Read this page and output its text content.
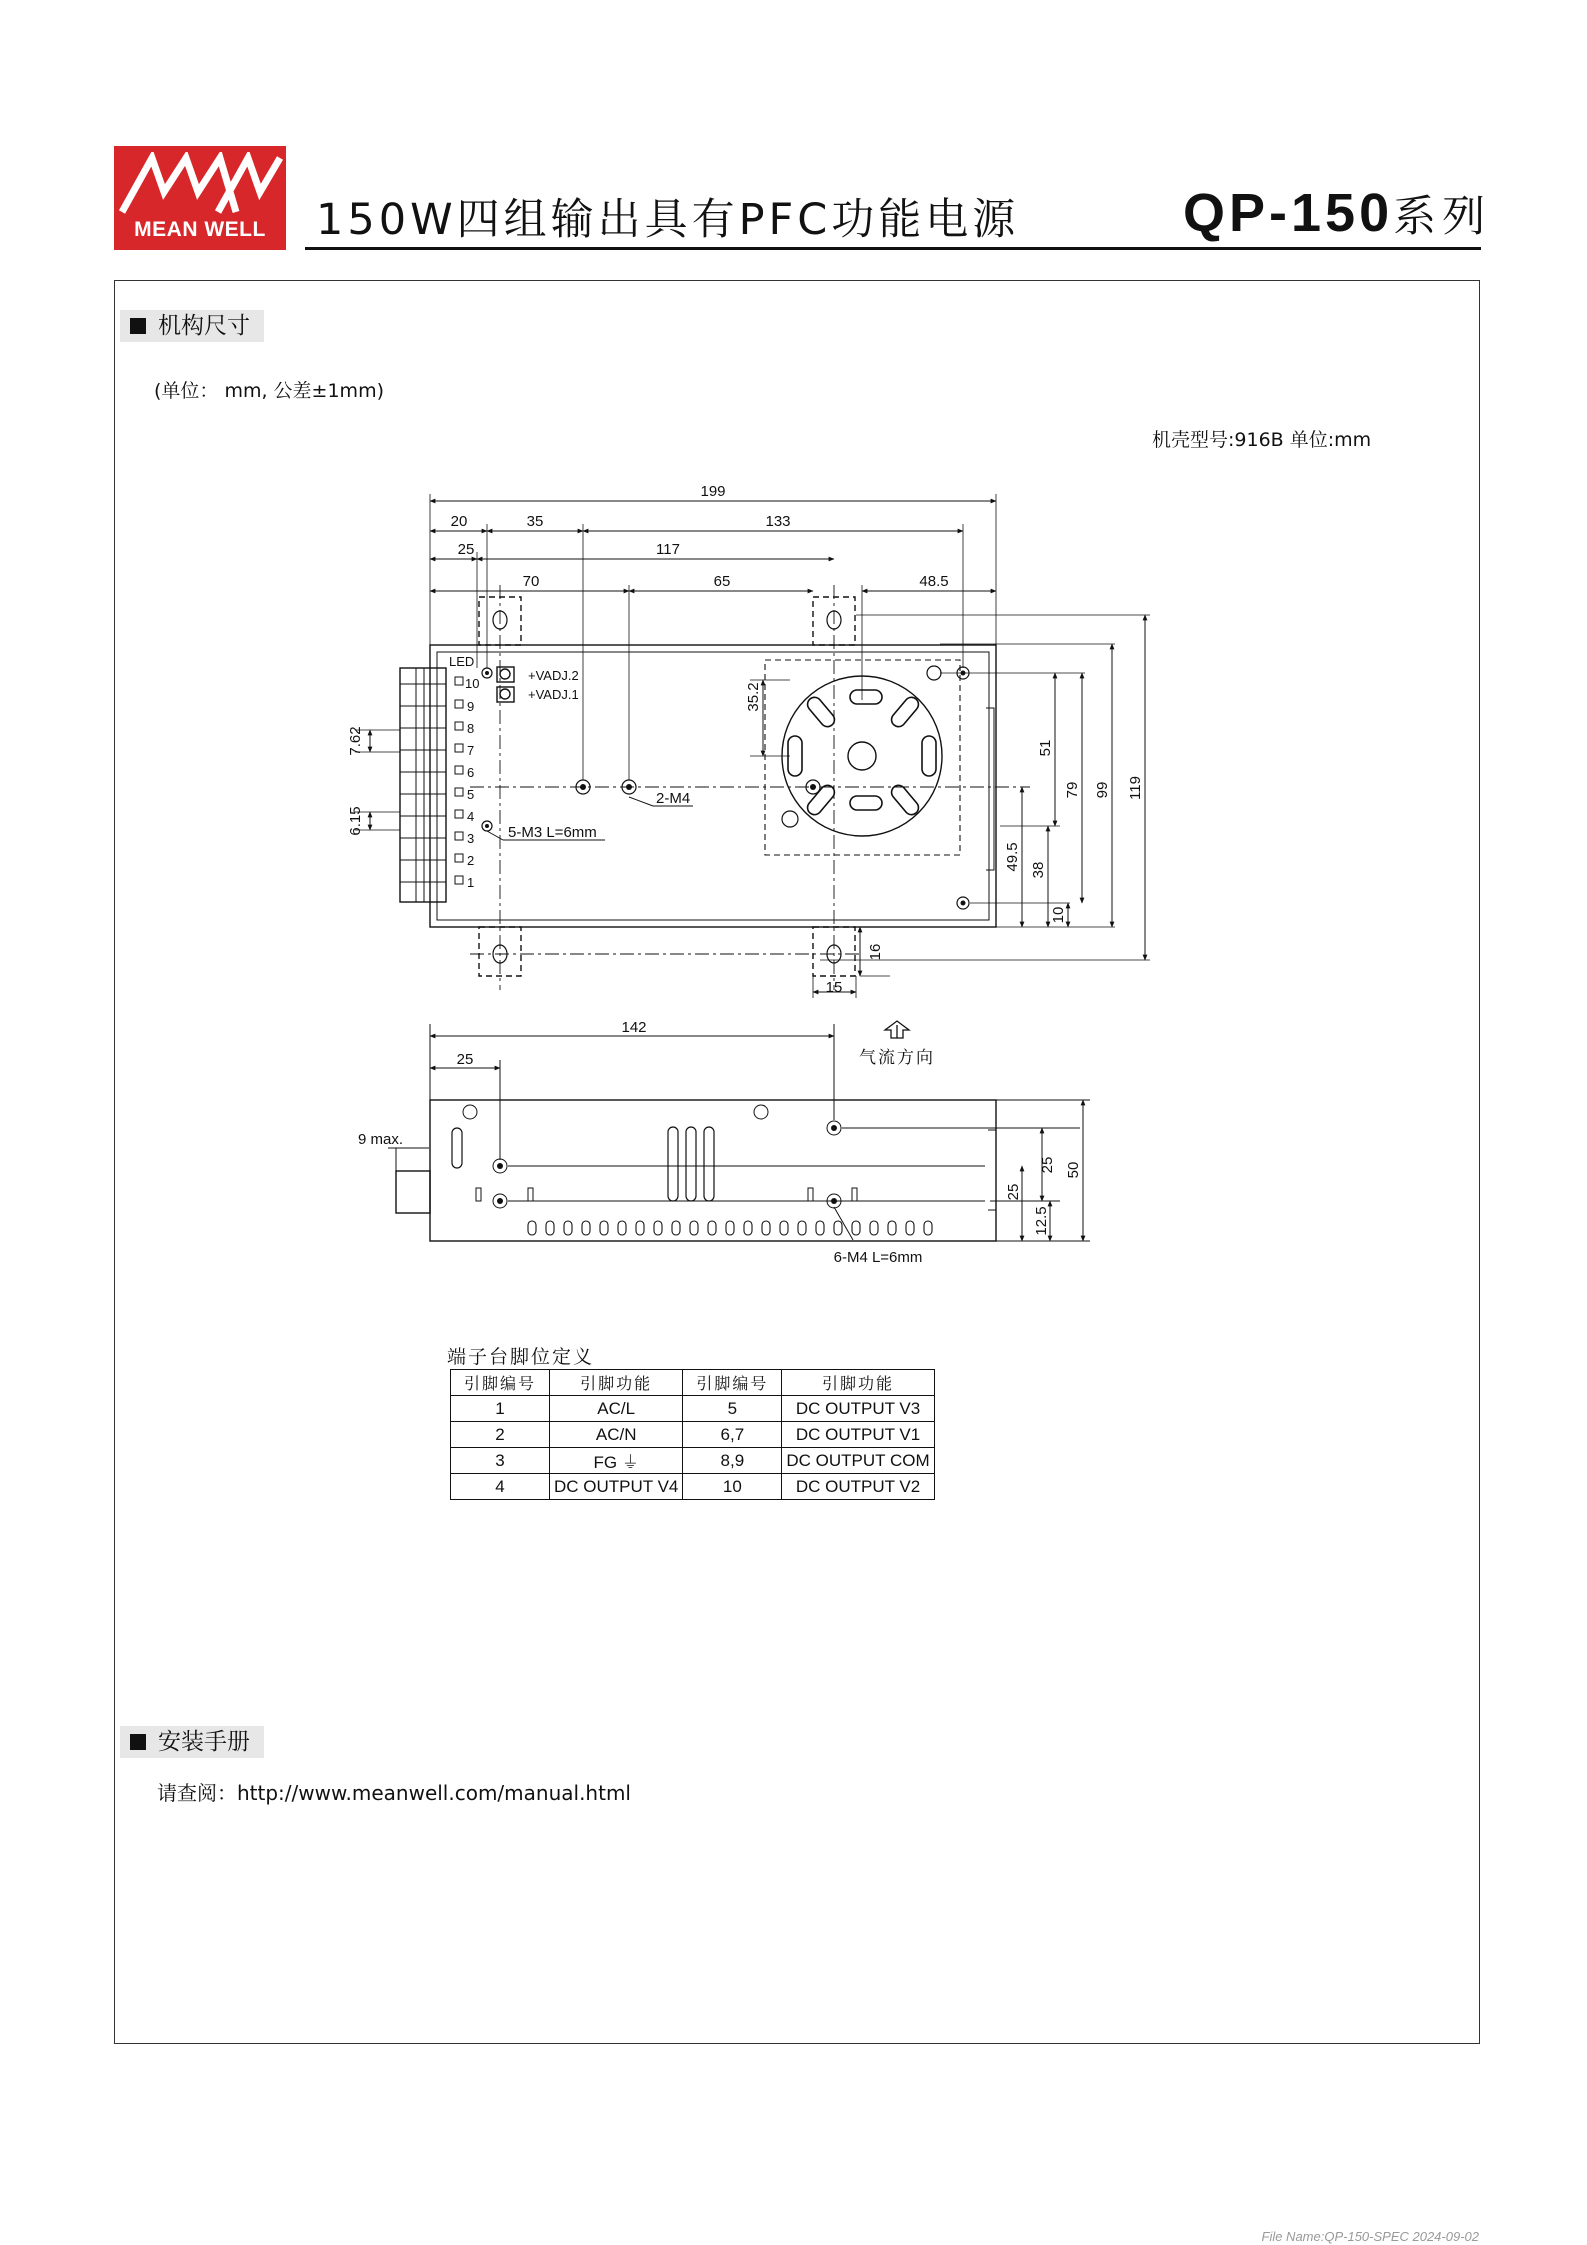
MEAN WELL	150W四组输出具有PFC功能电源	QP-150系列
机构尺寸
(单位： mm, 公差±1mm)
机壳型号:916B 单位:mm
199
20	35	133
25	117
70	65	48.5
35.2
51
79 99 119
49.5 38
10
16
15
7.62
6.15
LED
10
9
8
7
6
5
4
3
2
1
+VADJ.2
+VADJ.1
2-M4
5-M3 L=6mm
142
25
9 max.
25
25
12.5
50
6-M4 L=6mm
气流方向
端子台脚位定义
引脚编号	引脚功能	引脚编号	引脚功能
1	AC/L	5	DC OUTPUT V3
2	AC/N	6,7	DC OUTPUT V1
3	FG ⏚	8,9	DC OUTPUT COM
4	DC OUTPUT V4	10	DC OUTPUT V2
安装手册
请查阅：http://www.meanwell.com/manual.html
File Name:QP-150-SPEC 2024-09-02
